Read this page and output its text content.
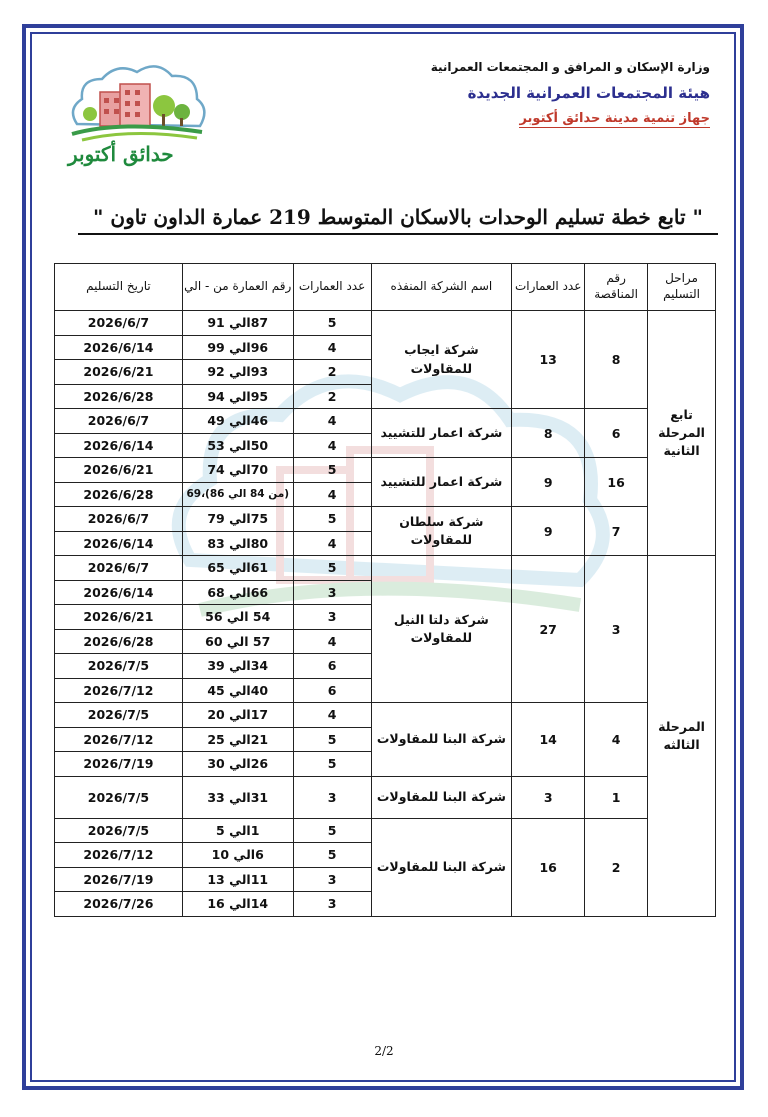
حدائق أكتوبر
وزارة الإسكان و المرافق و المجتمعات العمرانية
هيئة المجتمعات العمرانية الجديدة
جهاز تنمية مدينة حدائق أكتوبر
" تابع خطة تسليم الوحدات بالاسكان المتوسط 219 عمارة الداون تاون "
مراحل التسليم	رقم المناقصة	عدد العمارات	اسم الشركة المنفذه	عدد العمارات	رقم العمارة من - الي	تاريخ التسليم
تابع المرحلة الثانية	8	13	شركة ايجاب للمقاولات	5	87الي 91	2026/6/7
				4	96الي 99	2026/6/14
				2	93الي 92	2026/6/21
				2	95الي 94	2026/6/28
	6	8	شركة اعمار للتشييد	4	46الي 49	2026/6/7
				4	50الي 53	2026/6/14
	16	9	شركة اعمار للتشييد	5	70الي 74	2026/6/21
				4	(من 84 الي 86)،69	2026/6/28
	7	9	شركة سلطان للمقاولات	5	75الي 79	2026/6/7
				4	80الي 83	2026/6/14
المرحلة الثالثه	3	27	شركة دلتا النيل للمقاولات	5	61الي 65	2026/6/7
				3	66الي 68	2026/6/14
				3	54 الي 56	2026/6/21
				4	57 الي 60	2026/6/28
				6	34الي 39	2026/7/5
				6	40الي 45	2026/7/12
	4	14	شركة البنا للمقاولات	4	17الي 20	2026/7/5
				5	21الي 25	2026/7/12
				5	26الي 30	2026/7/19
	1	3	شركة البنا للمقاولات	3	31الي 33	2026/7/5
	2	16	شركة البنا للمقاولات	5	1الي 5	2026/7/5
				5	6الي 10	2026/7/12
				3	11الي 13	2026/7/19
				3	14الي 16	2026/7/26
2/2
